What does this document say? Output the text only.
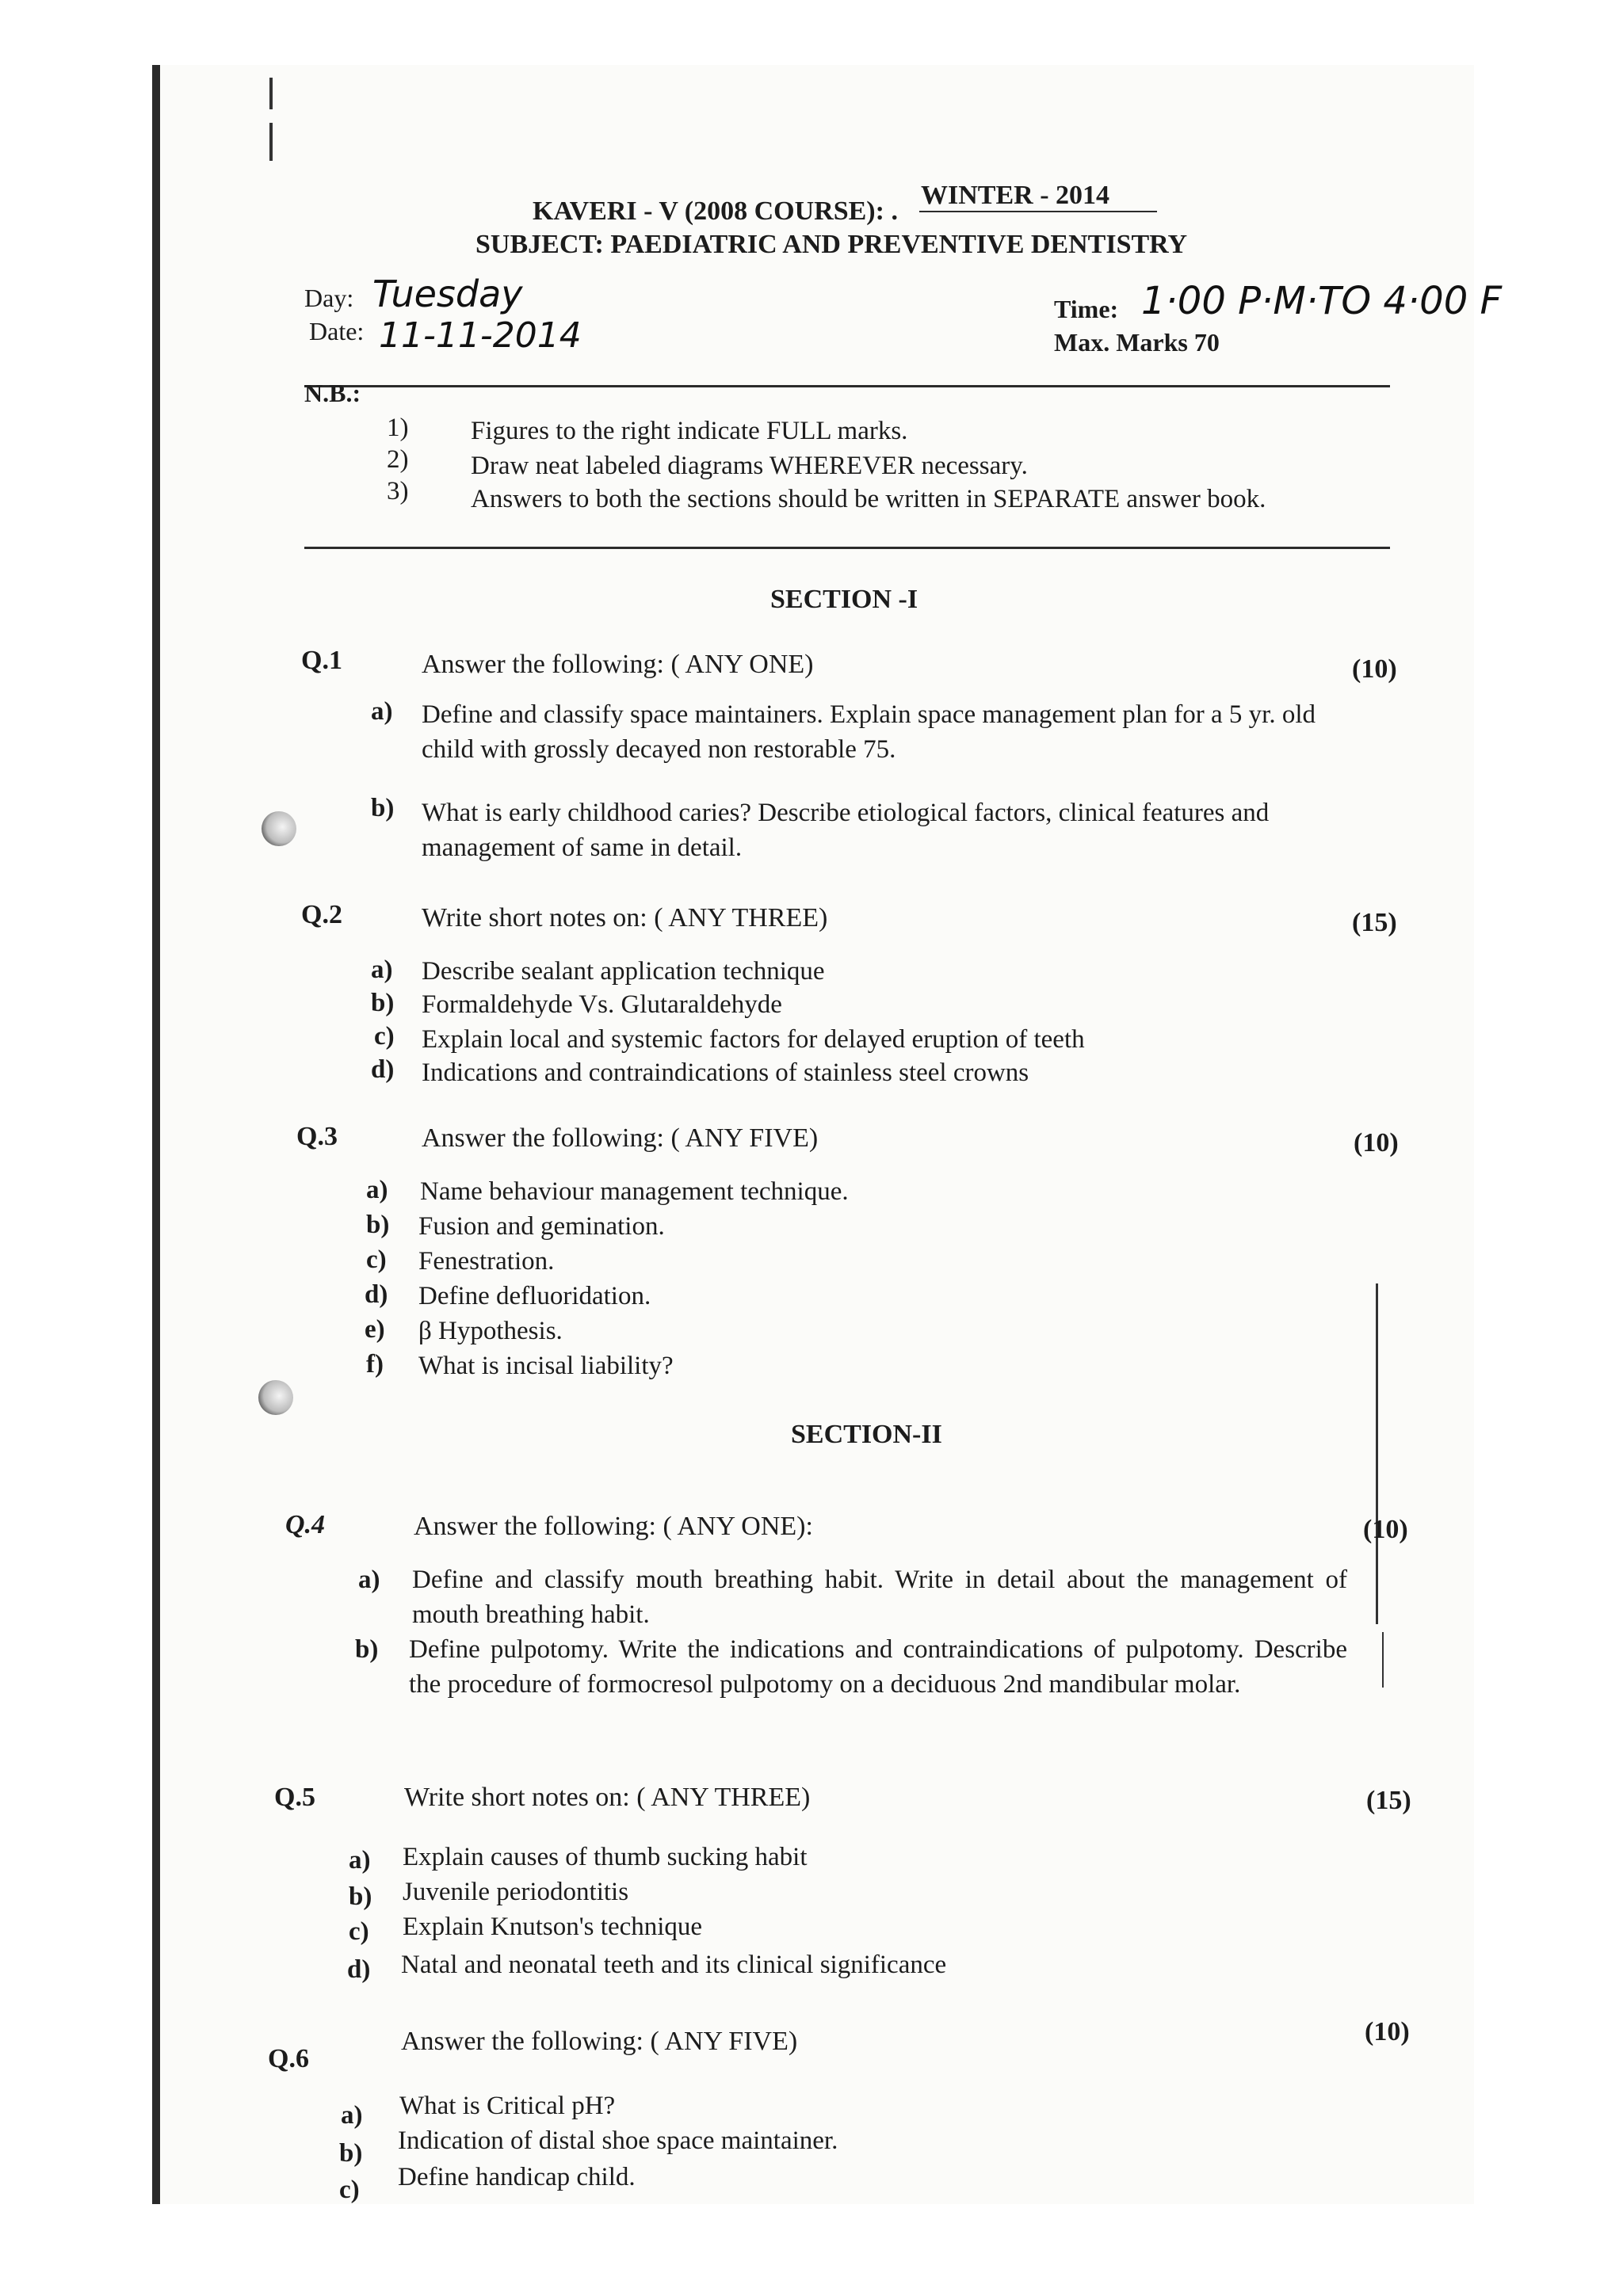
WINTER - 2014
KAVERI - V (2008 COURSE): .
SUBJECT: PAEDIATRIC AND PREVENTIVE DENTISTRY
Day: Tuesday
Date: 11-11-2014
Time: 1·00 P·M·TO 4·00 F
Max. Marks 70
N.B.:
1) Figures to the right indicate FULL marks.
2) Draw neat labeled diagrams WHEREVER necessary.
3) Answers to both the sections should be written in SEPARATE answer book.
SECTION -I
Q.1	Answer the following: ( ANY ONE)	(10)
a) Define and classify space maintainers. Explain space management plan for a 5 yr. old child with grossly decayed non restorable 75.
b) What is early childhood caries? Describe etiological factors, clinical features and management of same in detail.
Q.2	Write short notes on: ( ANY THREE)	(15)
a) Describe sealant application technique
b) Formaldehyde Vs. Glutaraldehyde
c) Explain local and systemic factors for delayed eruption of teeth
d) Indications and contraindications of stainless steel crowns
Q.3	Answer the following: ( ANY FIVE)	(10)
a) Name behaviour management technique.
b) Fusion and gemination.
c) Fenestration.
d) Define defluoridation.
e) β Hypothesis.
f) What is incisal liability?
SECTION-II
Q.4	Answer the following: ( ANY ONE):	(10)
a) Define and classify mouth breathing habit. Write in detail about the management of mouth breathing habit.
b) Define pulpotomy. Write the indications and contraindications of pulpotomy. Describe the procedure of formocresol pulpotomy on a deciduous 2nd mandibular molar.
Q.5	Write short notes on: ( ANY THREE)	(15)
a) Explain causes of thumb sucking habit
b) Juvenile periodontitis
c) Explain Knutson's technique
d) Natal and neonatal teeth and its clinical significance
Q.6
Answer the following: ( ANY FIVE)	(10)
a) What is Critical pH?
b) Indication of distal shoe space maintainer.
c) Define handicap child.
